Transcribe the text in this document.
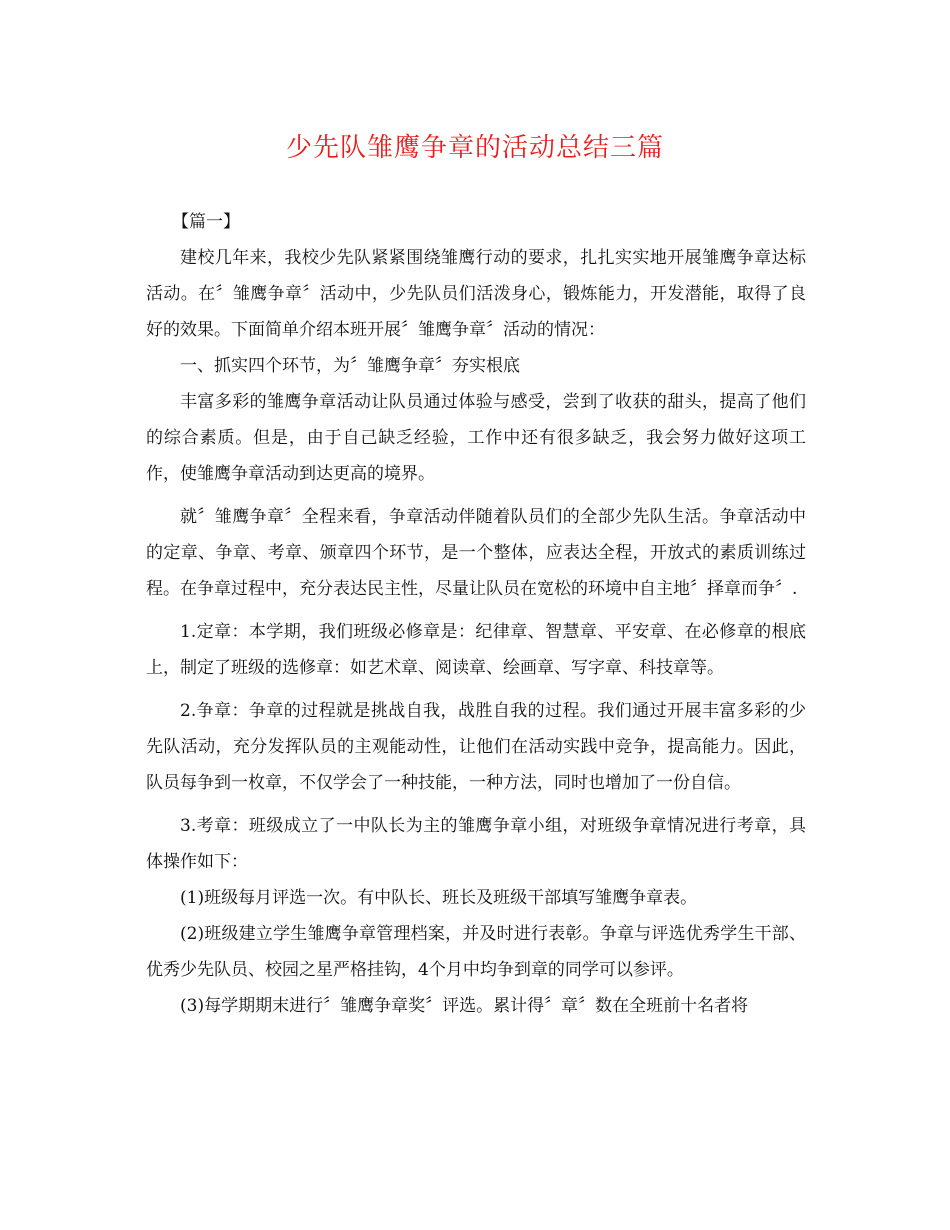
少先队雏鹰争章的活动总结三篇

【篇一】

建校几年来，我校少先队紧紧围绕雏鹰行动的要求，扎扎实实地开展雏鹰争章达标活动。在〞雏鹰争章〞活动中，少先队员们活泼身心，锻炼能力，开发潜能，取得了良好的效果。下面简单介绍本班开展〞雏鹰争章〞活动的情况：

一、抓实四个环节，为〞雏鹰争章〞夯实根底

丰富多彩的雏鹰争章活动让队员通过体验与感受，尝到了收获的甜头，提高了他们的综合素质。但是，由于自己缺乏经验，工作中还有很多缺乏，我会努力做好这项工作，使雏鹰争章活动到达更高的境界。

就〞雏鹰争章〞全程来看，争章活动伴随着队员们的全部少先队生活。争章活动中的定章、争章、考章、颁章四个环节，是一个整体，应表达全程，开放式的素质训练过程。在争章过程中，充分表达民主性，尽量让队员在宽松的环境中自主地〞择章而争〞.

1.定章：本学期，我们班级必修章是：纪律章、智慧章、平安章、在必修章的根底上，制定了班级的选修章：如艺术章、阅读章、绘画章、写字章、科技章等。

2.争章：争章的过程就是挑战自我，战胜自我的过程。我们通过开展丰富多彩的少先队活动，充分发挥队员的主观能动性，让他们在活动实践中竞争，提高能力。因此，队员每争到一枚章，不仅学会了一种技能，一种方法，同时也增加了一份自信。

3.考章：班级成立了一中队长为主的雏鹰争章小组，对班级争章情况进行考章，具体操作如下：

(1)班级每月评选一次。有中队长、班长及班级干部填写雏鹰争章表。

(2)班级建立学生雏鹰争章管理档案，并及时进行表彰。争章与评选优秀学生干部、优秀少先队员、校园之星严格挂钩，4个月中均争到章的同学可以参评。

(3)每学期期末进行〞雏鹰争章奖〞评选。累计得〞章〞数在全班前十名者将
